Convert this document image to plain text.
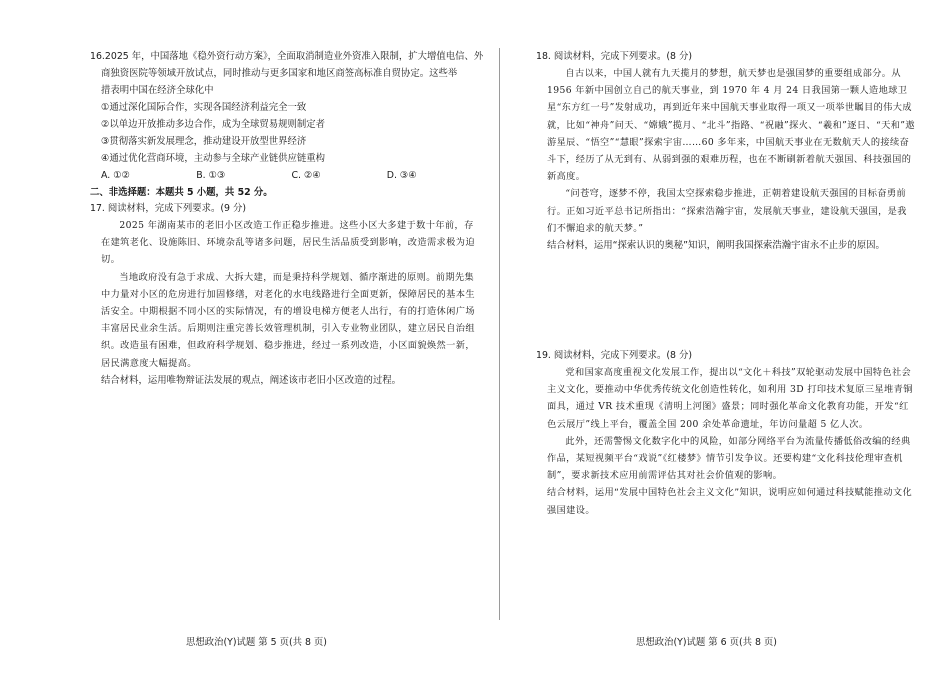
16.2025 年，中国落地《稳外资行动方案》，全面取消制造业外资准入限制，扩大增值电信、外

商独资医院等领域开放试点，同时推动与更多国家和地区商签高标准自贸协定。这些举

措表明中国在经济全球化中

①通过深化国际合作，实现各国经济利益完全一致

②以单边开放推动多边合作，成为全球贸易规则制定者

③贯彻落实新发展理念，推动建设开放型世界经济

④通过优化营商环境，主动参与全球产业链供应链重构

A. ①②	B. ①③	C. ②④	D. ③④

二、非选择题：本题共 5 小题，共 52 分。

17. 阅读材料，完成下列要求。(9 分)

2025 年湖南某市的老旧小区改造工作正稳步推进。这些小区大多建于数十年前，存在建筑老化、设施陈旧、环境杂乱等诸多问题，居民生活品质受到影响，改造需求极为迫切。

当地政府没有急于求成、大拆大建，而是秉持科学规划、循序渐进的原则。前期先集中力量对小区的危房进行加固修缮，对老化的水电线路进行全面更新，保障居民的基本生活安全。中期根据不同小区的实际情况，有的增设电梯方便老人出行，有的打造休闲广场丰富居民业余生活。后期则注重完善长效管理机制，引入专业物业团队，建立居民自治组织。改造虽有困难，但政府科学规划、稳步推进，经过一系列改造，小区面貌焕然一新，居民满意度大幅提高。

结合材料，运用唯物辩证法发展的观点，阐述该市老旧小区改造的过程。

思想政治(Y)试题 第 5 页(共 8 页)

18. 阅读材料，完成下列要求。(8 分)

自古以来，中国人就有九天揽月的梦想，航天梦也是强国梦的重要组成部分。从 1956 年新中国创立自己的航天事业，到 1970 年 4 月 24 日我国第一颗人造地球卫星“东方红一号”发射成功，再到近年来中国航天事业取得一项又一项举世瞩目的伟大成就，比如“神舟”问天、“嫦娥”揽月、“北斗”指路、“祝融”探火、“羲和”逐日、“天和”遨游星辰、“悟空”“慧眼”探索宇宙……60 多年来，中国航天事业在无数航天人的接续奋斗下，经历了从无到有、从弱到强的艰难历程，也在不断刷新着航天强国、科技强国的新高度。

“问苍穹，逐梦不停，我国太空探索稳步推进，正朝着建设航天强国的目标奋勇前行。正如习近平总书记所指出：“探索浩瀚宇宙，发展航天事业，建设航天强国，是我们不懈追求的航天梦。”

结合材料，运用“探索认识的奥秘”知识，阐明我国探索浩瀚宇宙永不止步的原因。

19. 阅读材料，完成下列要求。(8 分)

党和国家高度重视文化发展工作，提出以“文化＋科技”双轮驱动发展中国特色社会主义文化，要推动中华优秀传统文化创造性转化，如利用 3D 打印技术复原三星堆青铜面具，通过 VR 技术重现《清明上河图》盛景；同时强化革命文化教育功能，开发“红色云展厅”线上平台，覆盖全国 200 余处革命遗址，年访问量超 5 亿人次。

此外，还需警惕文化数字化中的风险，如部分网络平台为流量传播低俗改编的经典作品，某短视频平台“戏说”《红楼梦》情节引发争议。还要构建“文化科技伦理审查机制”，要求新技术应用前需评估其对社会价值观的影响。

结合材料，运用“发展中国特色社会主义文化”知识，说明应如何通过科技赋能推动文化强国建设。

思想政治(Y)试题 第 6 页(共 8 页)
